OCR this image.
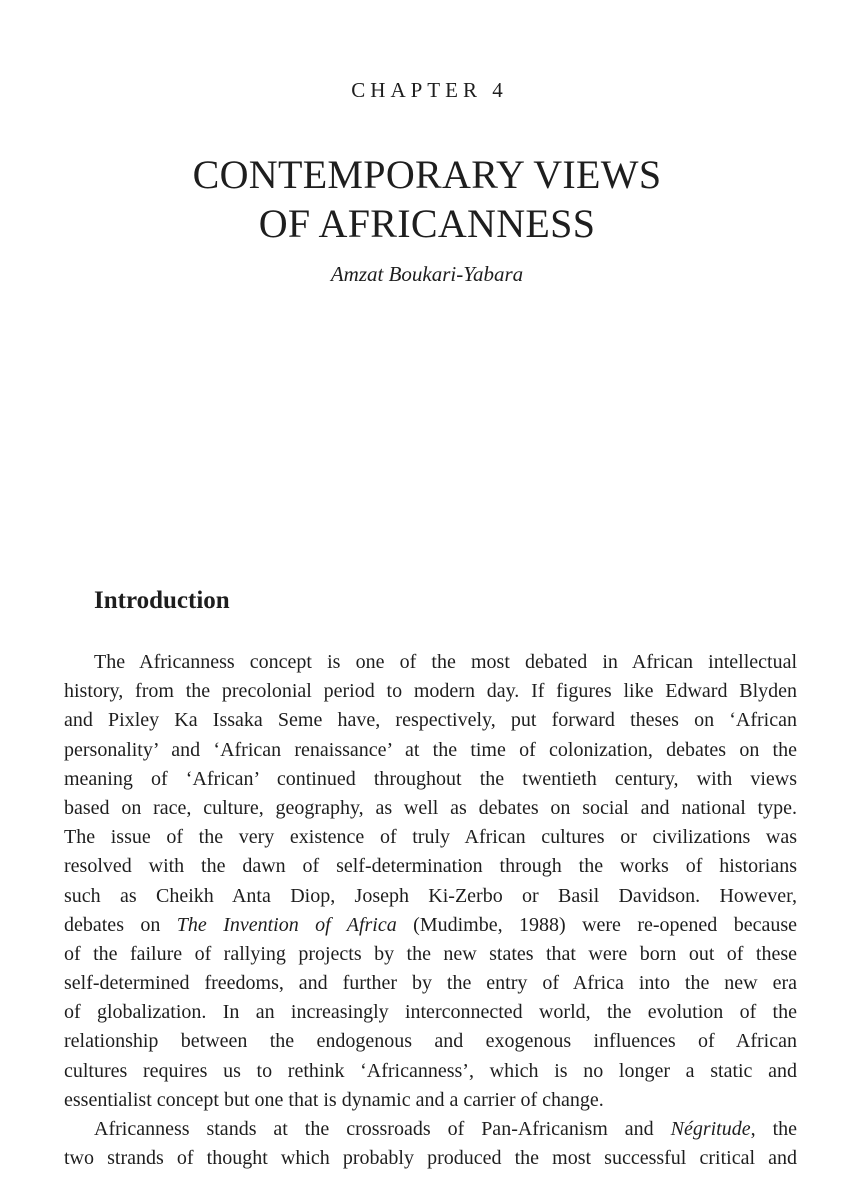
CHAPTER 4
CONTEMPORARY VIEWS
OF AFRICANNESS
Amzat Boukari-Yabara
Introduction
The Africanness concept is one of the most debated in African intellectual
history, from the precolonial period to modern day. If figures like Edward Blyden
and Pixley Ka Issaka Seme have, respectively, put forward theses on ‘African
personality’ and ‘African renaissance’ at the time of colonization, debates on the
meaning of ‘African’ continued throughout the twentieth century, with views
based on race, culture, geography, as well as debates on social and national type.
The issue of the very existence of truly African cultures or civilizations was
resolved with the dawn of self-determination through the works of historians
such as Cheikh Anta Diop, Joseph Ki-Zerbo or Basil Davidson. However,
debates on The Invention of Africa (Mudimbe, 1988) were re-opened because
of the failure of rallying projects by the new states that were born out of these
self-determined freedoms, and further by the entry of Africa into the new era
of globalization. In an increasingly interconnected world, the evolution of the
relationship between the endogenous and exogenous influences of African
cultures requires us to rethink ‘Africanness’, which is no longer a static and
essentialist concept but one that is dynamic and a carrier of change.
Africanness stands at the crossroads of Pan-Africanism and Négritude, the
two strands of thought which probably produced the most successful critical and
